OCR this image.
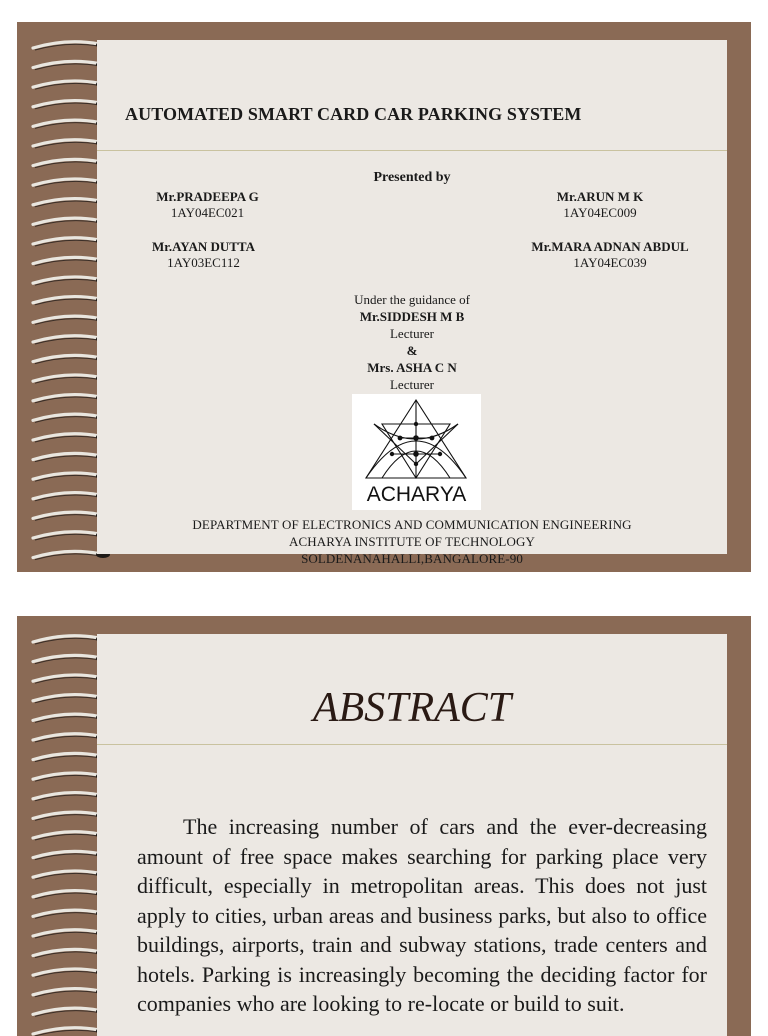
AUTOMATED SMART CARD CAR PARKING SYSTEM
Presented by
Mr.PRADEEPA G
1AY04EC021
Mr.ARUN M K
1AY04EC009
Mr.AYAN DUTTA
1AY03EC112
Mr.MARA ADNAN ABDUL
1AY04EC039
Under the guidance of
Mr.SIDDESH M B
Lecturer
&
Mrs. ASHA C N
Lecturer
ACHARYA
DEPARTMENT OF ELECTRONICS AND COMMUNICATION ENGINEERING
ACHARYA INSTITUTE OF TECHNOLOGY
SOLDENANAHALLI,BANGALORE-90
ABSTRACT
The increasing number of cars and the ever-decreasing amount of free space makes searching for parking place very difficult, especially in metropolitan areas. This does not just apply to cities, urban areas and business parks, but also to office buildings, airports, train and subway stations, trade centers and hotels. Parking is increasingly becoming the deciding factor for companies who are looking to re-locate or build to suit.
